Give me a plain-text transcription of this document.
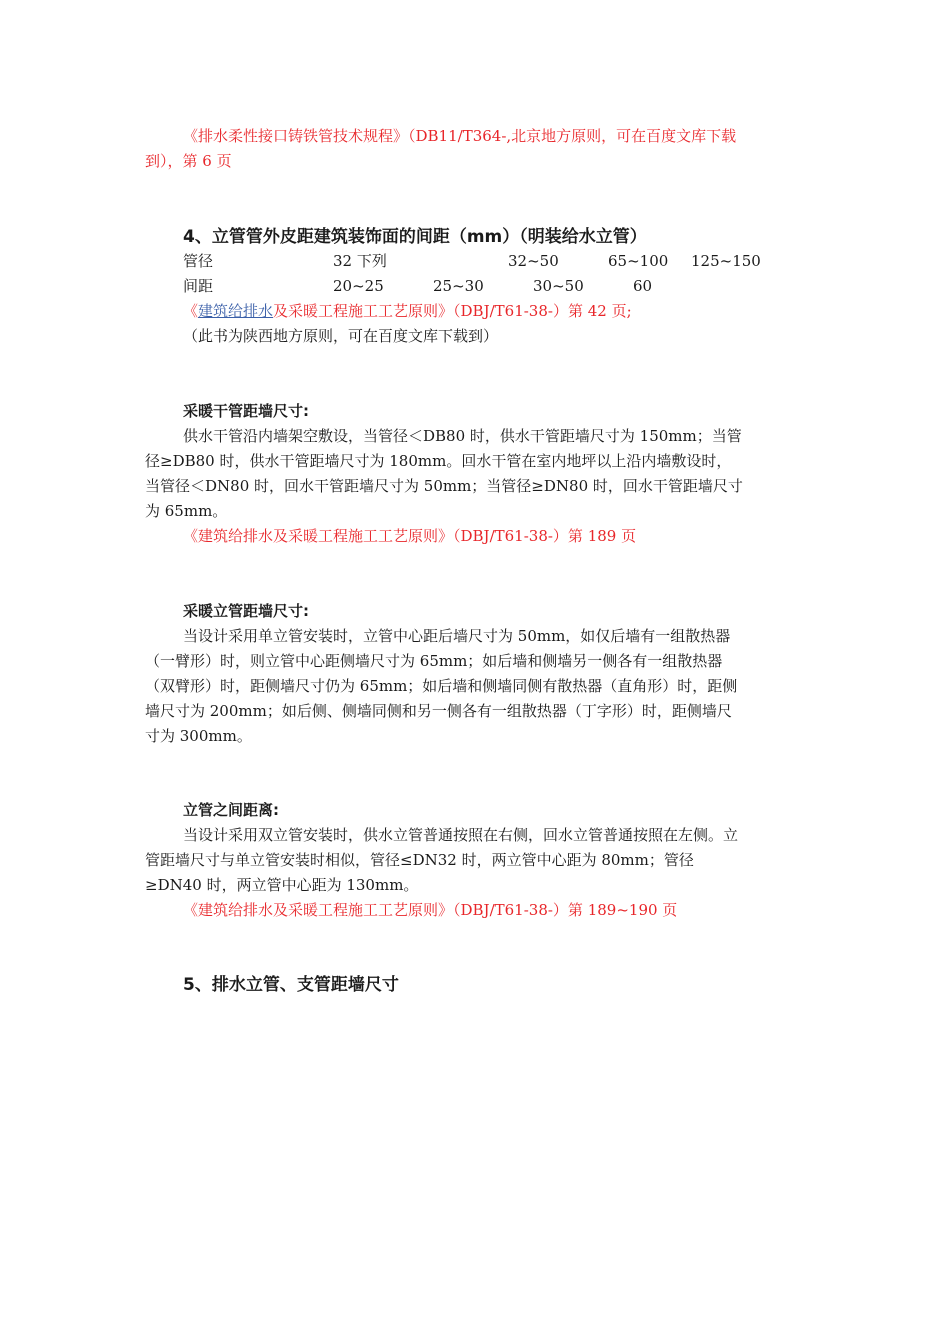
《排水柔性接口铸铁管技术规程》（DB11/T364-,北京地方原则，可在百度文库下载
到），第 6 页
4、立管管外皮距建筑装饰面的间距（mm）（明装给水立管）
管径	32 下列	32~50	65~100 125~150
间距	20~25	25~30	30~50	60
《建筑给排水及采暖工程施工工艺原则》（DBJ/T61-38-）第 42 页;
（此书为陕西地方原则，可在百度文库下载到）
采暖干管距墙尺寸:
供水干管沿内墙架空敷设，当管径＜DB80 时，供水干管距墙尺寸为 150mm；当管
径≥DB80 时，供水干管距墙尺寸为 180mm。回水干管在室内地坪以上沿内墙敷设时，
当管径＜DN80 时，回水干管距墙尺寸为 50mm；当管径≥DN80 时，回水干管距墙尺寸
为 65mm。
《建筑给排水及采暖工程施工工艺原则》（DBJ/T61-38-）第 189 页
采暖立管距墙尺寸:
当设计采用单立管安装时，立管中心距后墙尺寸为 50mm，如仅后墙有一组散热器
（一臂形）时，则立管中心距侧墙尺寸为 65mm；如后墙和侧墙另一侧各有一组散热器
（双臂形）时，距侧墙尺寸仍为 65mm；如后墙和侧墙同侧有散热器（直角形）时，距侧
墙尺寸为 200mm；如后侧、侧墙同侧和另一侧各有一组散热器（丁字形）时，距侧墙尺
寸为 300mm。
立管之间距离:
当设计采用双立管安装时，供水立管普通按照在右侧，回水立管普通按照在左侧。立
管距墙尺寸与单立管安装时相似，管径≤DN32 时，两立管中心距为 80mm；管径
≥DN40 时，两立管中心距为 130mm。
《建筑给排水及采暖工程施工工艺原则》（DBJ/T61-38-）第 189~190 页
5、排水立管、支管距墙尺寸
